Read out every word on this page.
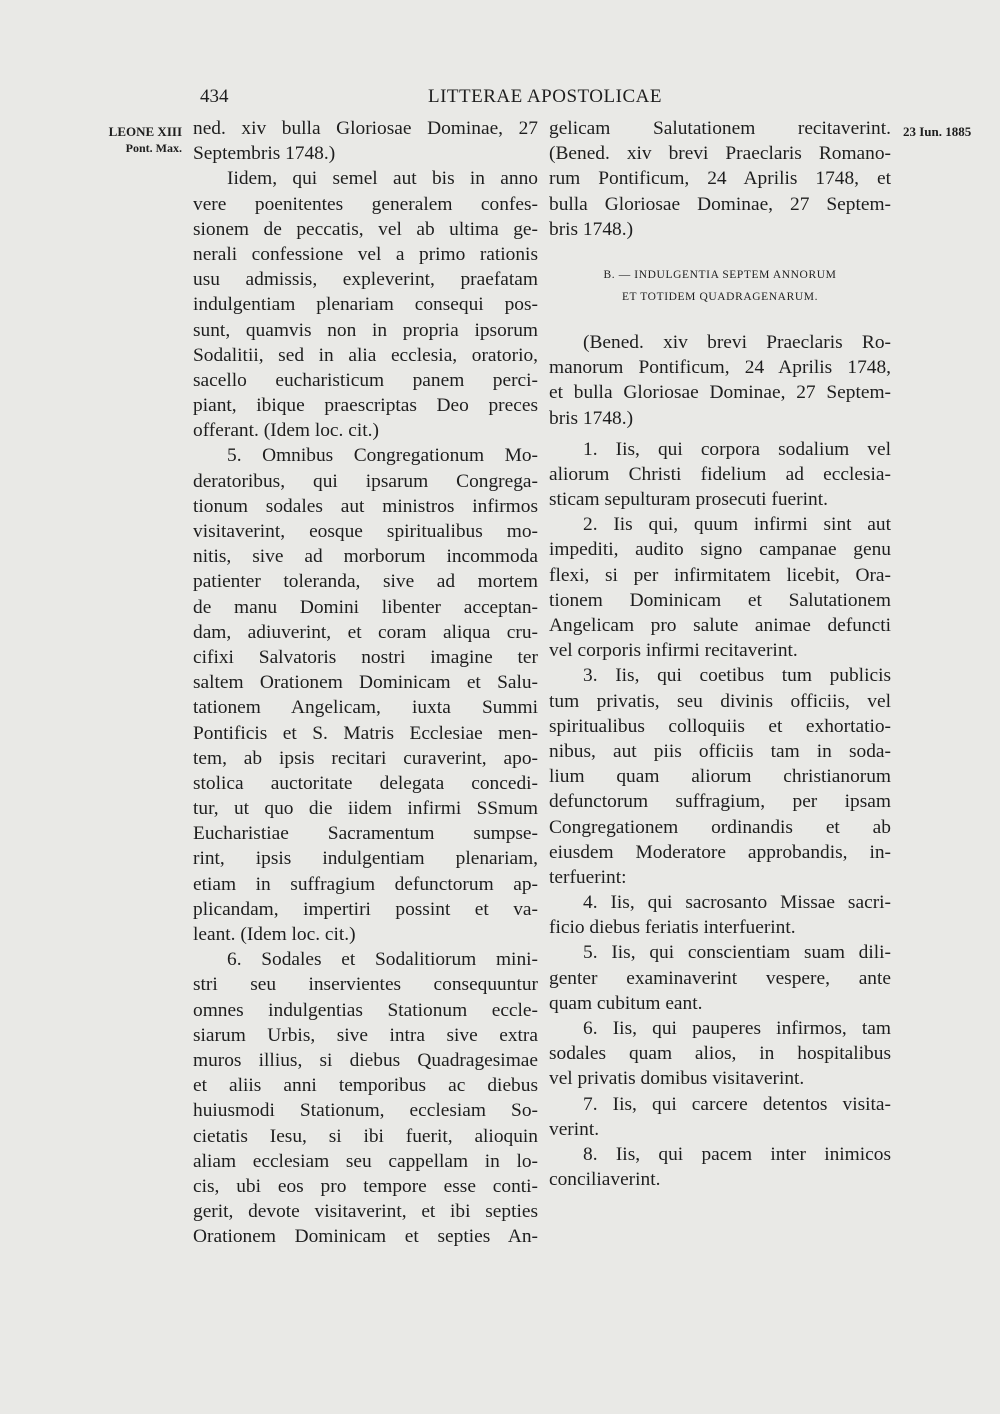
434	LITTERAE APOSTOLICAE
LEONE XIII
Pont. Max.
23 Iun. 1885
ned. xiv bulla Gloriosae Dominae, 27
Septembris 1748.)
Iidem, qui semel aut bis in anno
vere poenitentes generalem confes-
sionem de peccatis, vel ab ultima ge-
nerali confessione vel a primo rationis
usu admissis, expleverint, praefatam
indulgentiam plenariam consequi pos-
sunt, quamvis non in propria ipsorum
Sodalitii, sed in alia ecclesia, oratorio,
sacello eucharisticum panem perci-
piant, ibique praescriptas Deo preces
offerant. (Idem loc. cit.)
5. Omnibus Congregationum Mo-
deratoribus, qui ipsarum Congrega-
tionum sodales aut ministros infirmos
visitaverint, eosque spiritualibus mo-
nitis, sive ad morborum incommoda
patienter toleranda, sive ad mortem
de manu Domini libenter acceptan-
dam, adiuverint, et coram aliqua cru-
cifixi Salvatoris nostri imagine ter
saltem Orationem Dominicam et Salu-
tationem Angelicam, iuxta Summi
Pontificis et S. Matris Ecclesiae men-
tem, ab ipsis recitari curaverint, apo-
stolica auctoritate delegata concedi-
tur, ut quo die iidem infirmi SSmum
Eucharistiae Sacramentum sumpse-
rint, ipsis indulgentiam plenariam,
etiam in suffragium defunctorum ap-
plicandam, impertiri possint et va-
leant. (Idem loc. cit.)
6. Sodales et Sodalitiorum mini-
stri seu inservientes consequuntur
omnes indulgentias Stationum eccle-
siarum Urbis, sive intra sive extra
muros illius, si diebus Quadragesimae
et aliis anni temporibus ac diebus
huiusmodi Stationum, ecclesiam So-
cietatis Iesu, si ibi fuerit, alioquin
aliam ecclesiam seu cappellam in lo-
cis, ubi eos pro tempore esse conti-
gerit, devote visitaverint, et ibi septies
Orationem Dominicam et septies An-
gelicam Salutationem recitaverint.
(Bened. xiv brevi Praeclaris Romano-
rum Pontificum, 24 Aprilis 1748, et
bulla Gloriosae Dominae, 27 Septem-
bris 1748.)
B. — INDULGENTIA SEPTEM ANNORUM
ET TOTIDEM QUADRAGENARUM.
(Bened. xiv brevi Praeclaris Ro-
manorum Pontificum, 24 Aprilis 1748,
et bulla Gloriosae Dominae, 27 Septem-
bris 1748.)
1. Iis, qui corpora sodalium vel
aliorum Christi fidelium ad ecclesia-
sticam sepulturam prosecuti fuerint.
2. Iis qui, quum infirmi sint aut
impediti, audito signo campanae genu
flexi, si per infirmitatem licebit, Ora-
tionem Dominicam et Salutationem
Angelicam pro salute animae defuncti
vel corporis infirmi recitaverint.
3. Iis, qui coetibus tum publicis
tum privatis, seu divinis officiis, vel
spiritualibus colloquiis et exhortatio-
nibus, aut piis officiis tam in soda-
lium quam aliorum christianorum
defunctorum suffragium, per ipsam
Congregationem ordinandis et ab
eiusdem Moderatore approbandis, in-
terfuerint:
4. Iis, qui sacrosanto Missae sacri-
ficio diebus feriatis interfuerint.
5. Iis, qui conscientiam suam dili-
genter examinaverint vespere, ante
quam cubitum eant.
6. Iis, qui pauperes infirmos, tam
sodales quam alios, in hospitalibus
vel privatis domibus visitaverint.
7. Iis, qui carcere detentos visita-
verint.
8. Iis, qui pacem inter inimicos
conciliaverint.
